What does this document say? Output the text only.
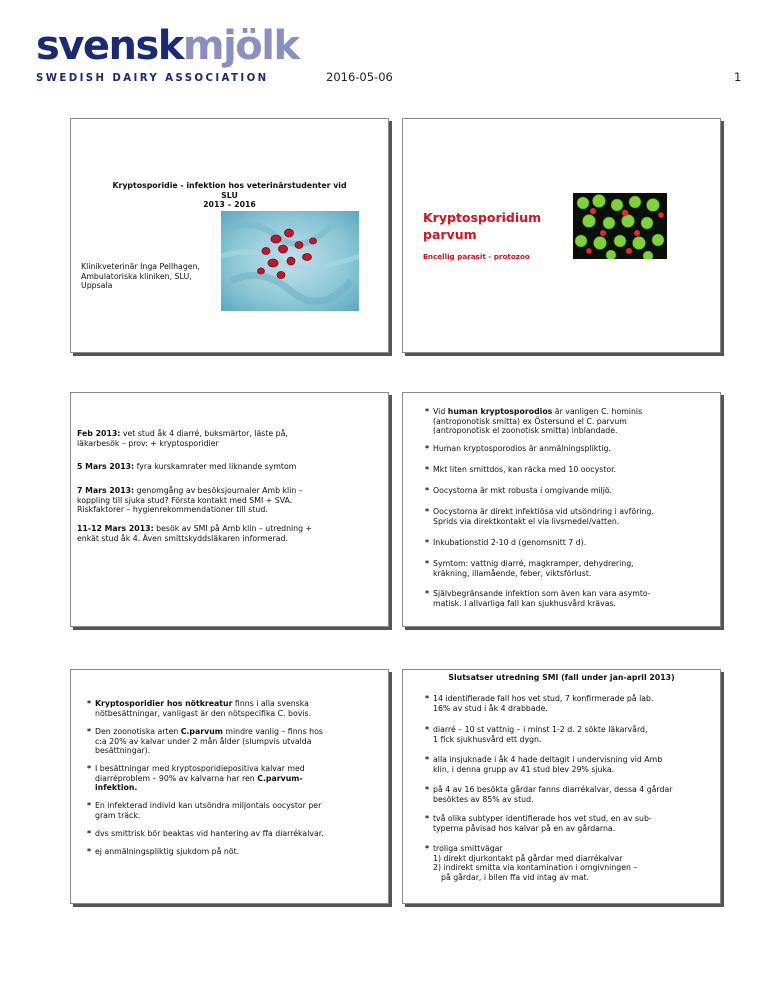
svenskmjölk
SWEDISH DAIRY ASSOCIATION	2016-05-06	1
Kryptosporidie - infektion hos veterinärstudenter vid
SLU
2013 – 2016
Klinikveterinär Inga Pellhagen,
Ambulatoriska kliniken, SLU, Uppsala
Kryptosporidium
parvum
Encellig parasit - protozoo
Feb 2013: vet stud åk 4 diarré, buksmärtor, läste på,
läkarbesök – prov: + kryptosporidier
5 Mars 2013: fyra kurskamrater med liknande symtom
7 Mars 2013: genomgång av besöksjournaler Amb klin –
koppling till sjuka stud? Första kontakt med SMI + SVA.
Riskfaktorer – hygienrekommendationer till stud.
11-12 Mars 2013: besök av SMI på Amb klin – utredning +
enkät stud åk 4. Även smittskyddsläkaren informerad.
* Vid human kryptosporodios är vanligen C. hominis
(antroponotisk smitta) ex Östersund el C. parvum
(antroponotisk el zoonotisk smitta) inblandade.
* Human kryptosporodios är anmälningspliktig.
* Mkt liten smittdos, kan räcka med 10 oocystor.
* Oocystorna är mkt robusta i omgivande miljö.
* Oocystorna är direkt infektiösa vid utsöndring i avföring.
Sprids via direktkontakt el via livsmedel/vatten.
* Inkubationstid 2-10 d (genomsnitt 7 d).
* Symtom: vattnig diarré, magkramper, dehydrering,
kräkning, illamående, feber, viktsförlust.
* Självbegränsande infektion som även kan vara asymto-
matisk. I allvarliga fall kan sjukhusvård krävas.
* Kryptosporidier hos nötkreatur finns i alla svenska
nötbesättningar, vanligast är den nötspecifika C. bovis.
* Den zoonotiska arten C.parvum mindre vanlig – finns hos
c:a 20% av kalvar under 2 mån ålder (slumpvis utvalda
besättningar).
* I besättningar med kryptosporidiepositiva kalvar med
diarréproblem – 90% av kalvarna har ren C.parvum-
infektion.
* En infekterad individ kan utsöndra miljontals oocystor per
gram träck.
* dvs smittrisk bör beaktas vid hantering av ffa diarrékalvar.
* ej anmälningspliktig sjukdom på nöt.
Slutsatser utredning SMI (fall under jan-april 2013)
* 14 identifierade fall hos vet stud, 7 konfirmerade på lab.
16% av stud i åk 4 drabbade.
* diarré – 10 st vattnig – i minst 1-2 d. 2 sökte läkarvård,
1 fick sjukhusvård ett dygn.
* alla insjuknade i åk 4 hade deltagit i undervisning vid Amb
klin, i denna grupp av 41 stud blev 29% sjuka.
* på 4 av 16 besökta gårdar fanns diarrékalvar, dessa 4 gårdar
besöktes av 85% av stud.
* två olika subtyper identifierade hos vet stud, en av sub-
typerna påvisad hos kalvar på en av gårdarna.
* troliga smittvägar
1) direkt djurkontakt på gårdar med diarrékalvar
2) indirekt smitta via kontamination i omgivningen –

på gårdar, i bilen ffa vid intag av mat.
